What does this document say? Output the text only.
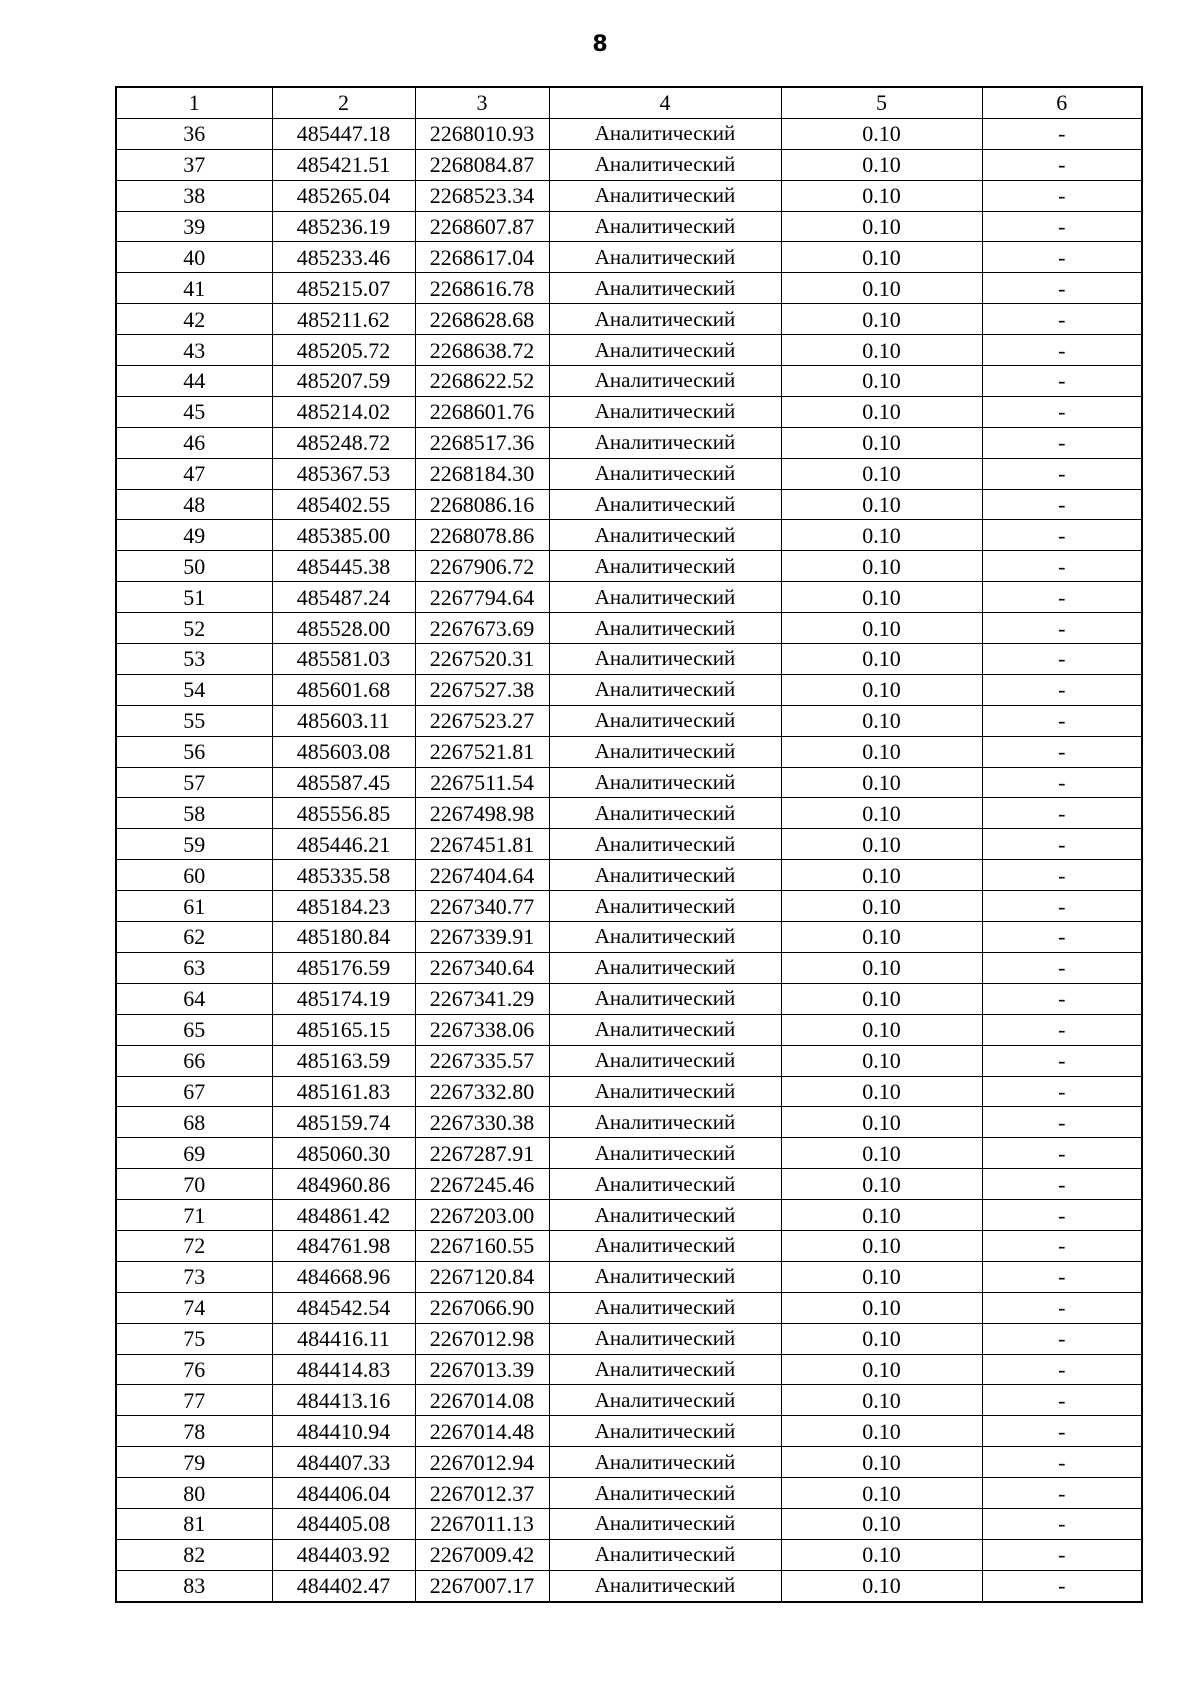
8
1	2	3	4	5	6
36	485447.18	2268010.93	Аналитический	0.10	-
37	485421.51	2268084.87	Аналитический	0.10	-
38	485265.04	2268523.34	Аналитический	0.10	-
39	485236.19	2268607.87	Аналитический	0.10	-
40	485233.46	2268617.04	Аналитический	0.10	-
41	485215.07	2268616.78	Аналитический	0.10	-
42	485211.62	2268628.68	Аналитический	0.10	-
43	485205.72	2268638.72	Аналитический	0.10	-
44	485207.59	2268622.52	Аналитический	0.10	-
45	485214.02	2268601.76	Аналитический	0.10	-
46	485248.72	2268517.36	Аналитический	0.10	-
47	485367.53	2268184.30	Аналитический	0.10	-
48	485402.55	2268086.16	Аналитический	0.10	-
49	485385.00	2268078.86	Аналитический	0.10	-
50	485445.38	2267906.72	Аналитический	0.10	-
51	485487.24	2267794.64	Аналитический	0.10	-
52	485528.00	2267673.69	Аналитический	0.10	-
53	485581.03	2267520.31	Аналитический	0.10	-
54	485601.68	2267527.38	Аналитический	0.10	-
55	485603.11	2267523.27	Аналитический	0.10	-
56	485603.08	2267521.81	Аналитический	0.10	-
57	485587.45	2267511.54	Аналитический	0.10	-
58	485556.85	2267498.98	Аналитический	0.10	-
59	485446.21	2267451.81	Аналитический	0.10	-
60	485335.58	2267404.64	Аналитический	0.10	-
61	485184.23	2267340.77	Аналитический	0.10	-
62	485180.84	2267339.91	Аналитический	0.10	-
63	485176.59	2267340.64	Аналитический	0.10	-
64	485174.19	2267341.29	Аналитический	0.10	-
65	485165.15	2267338.06	Аналитический	0.10	-
66	485163.59	2267335.57	Аналитический	0.10	-
67	485161.83	2267332.80	Аналитический	0.10	-
68	485159.74	2267330.38	Аналитический	0.10	-
69	485060.30	2267287.91	Аналитический	0.10	-
70	484960.86	2267245.46	Аналитический	0.10	-
71	484861.42	2267203.00	Аналитический	0.10	-
72	484761.98	2267160.55	Аналитический	0.10	-
73	484668.96	2267120.84	Аналитический	0.10	-
74	484542.54	2267066.90	Аналитический	0.10	-
75	484416.11	2267012.98	Аналитический	0.10	-
76	484414.83	2267013.39	Аналитический	0.10	-
77	484413.16	2267014.08	Аналитический	0.10	-
78	484410.94	2267014.48	Аналитический	0.10	-
79	484407.33	2267012.94	Аналитический	0.10	-
80	484406.04	2267012.37	Аналитический	0.10	-
81	484405.08	2267011.13	Аналитический	0.10	-
82	484403.92	2267009.42	Аналитический	0.10	-
83	484402.47	2267007.17	Аналитический	0.10	-
